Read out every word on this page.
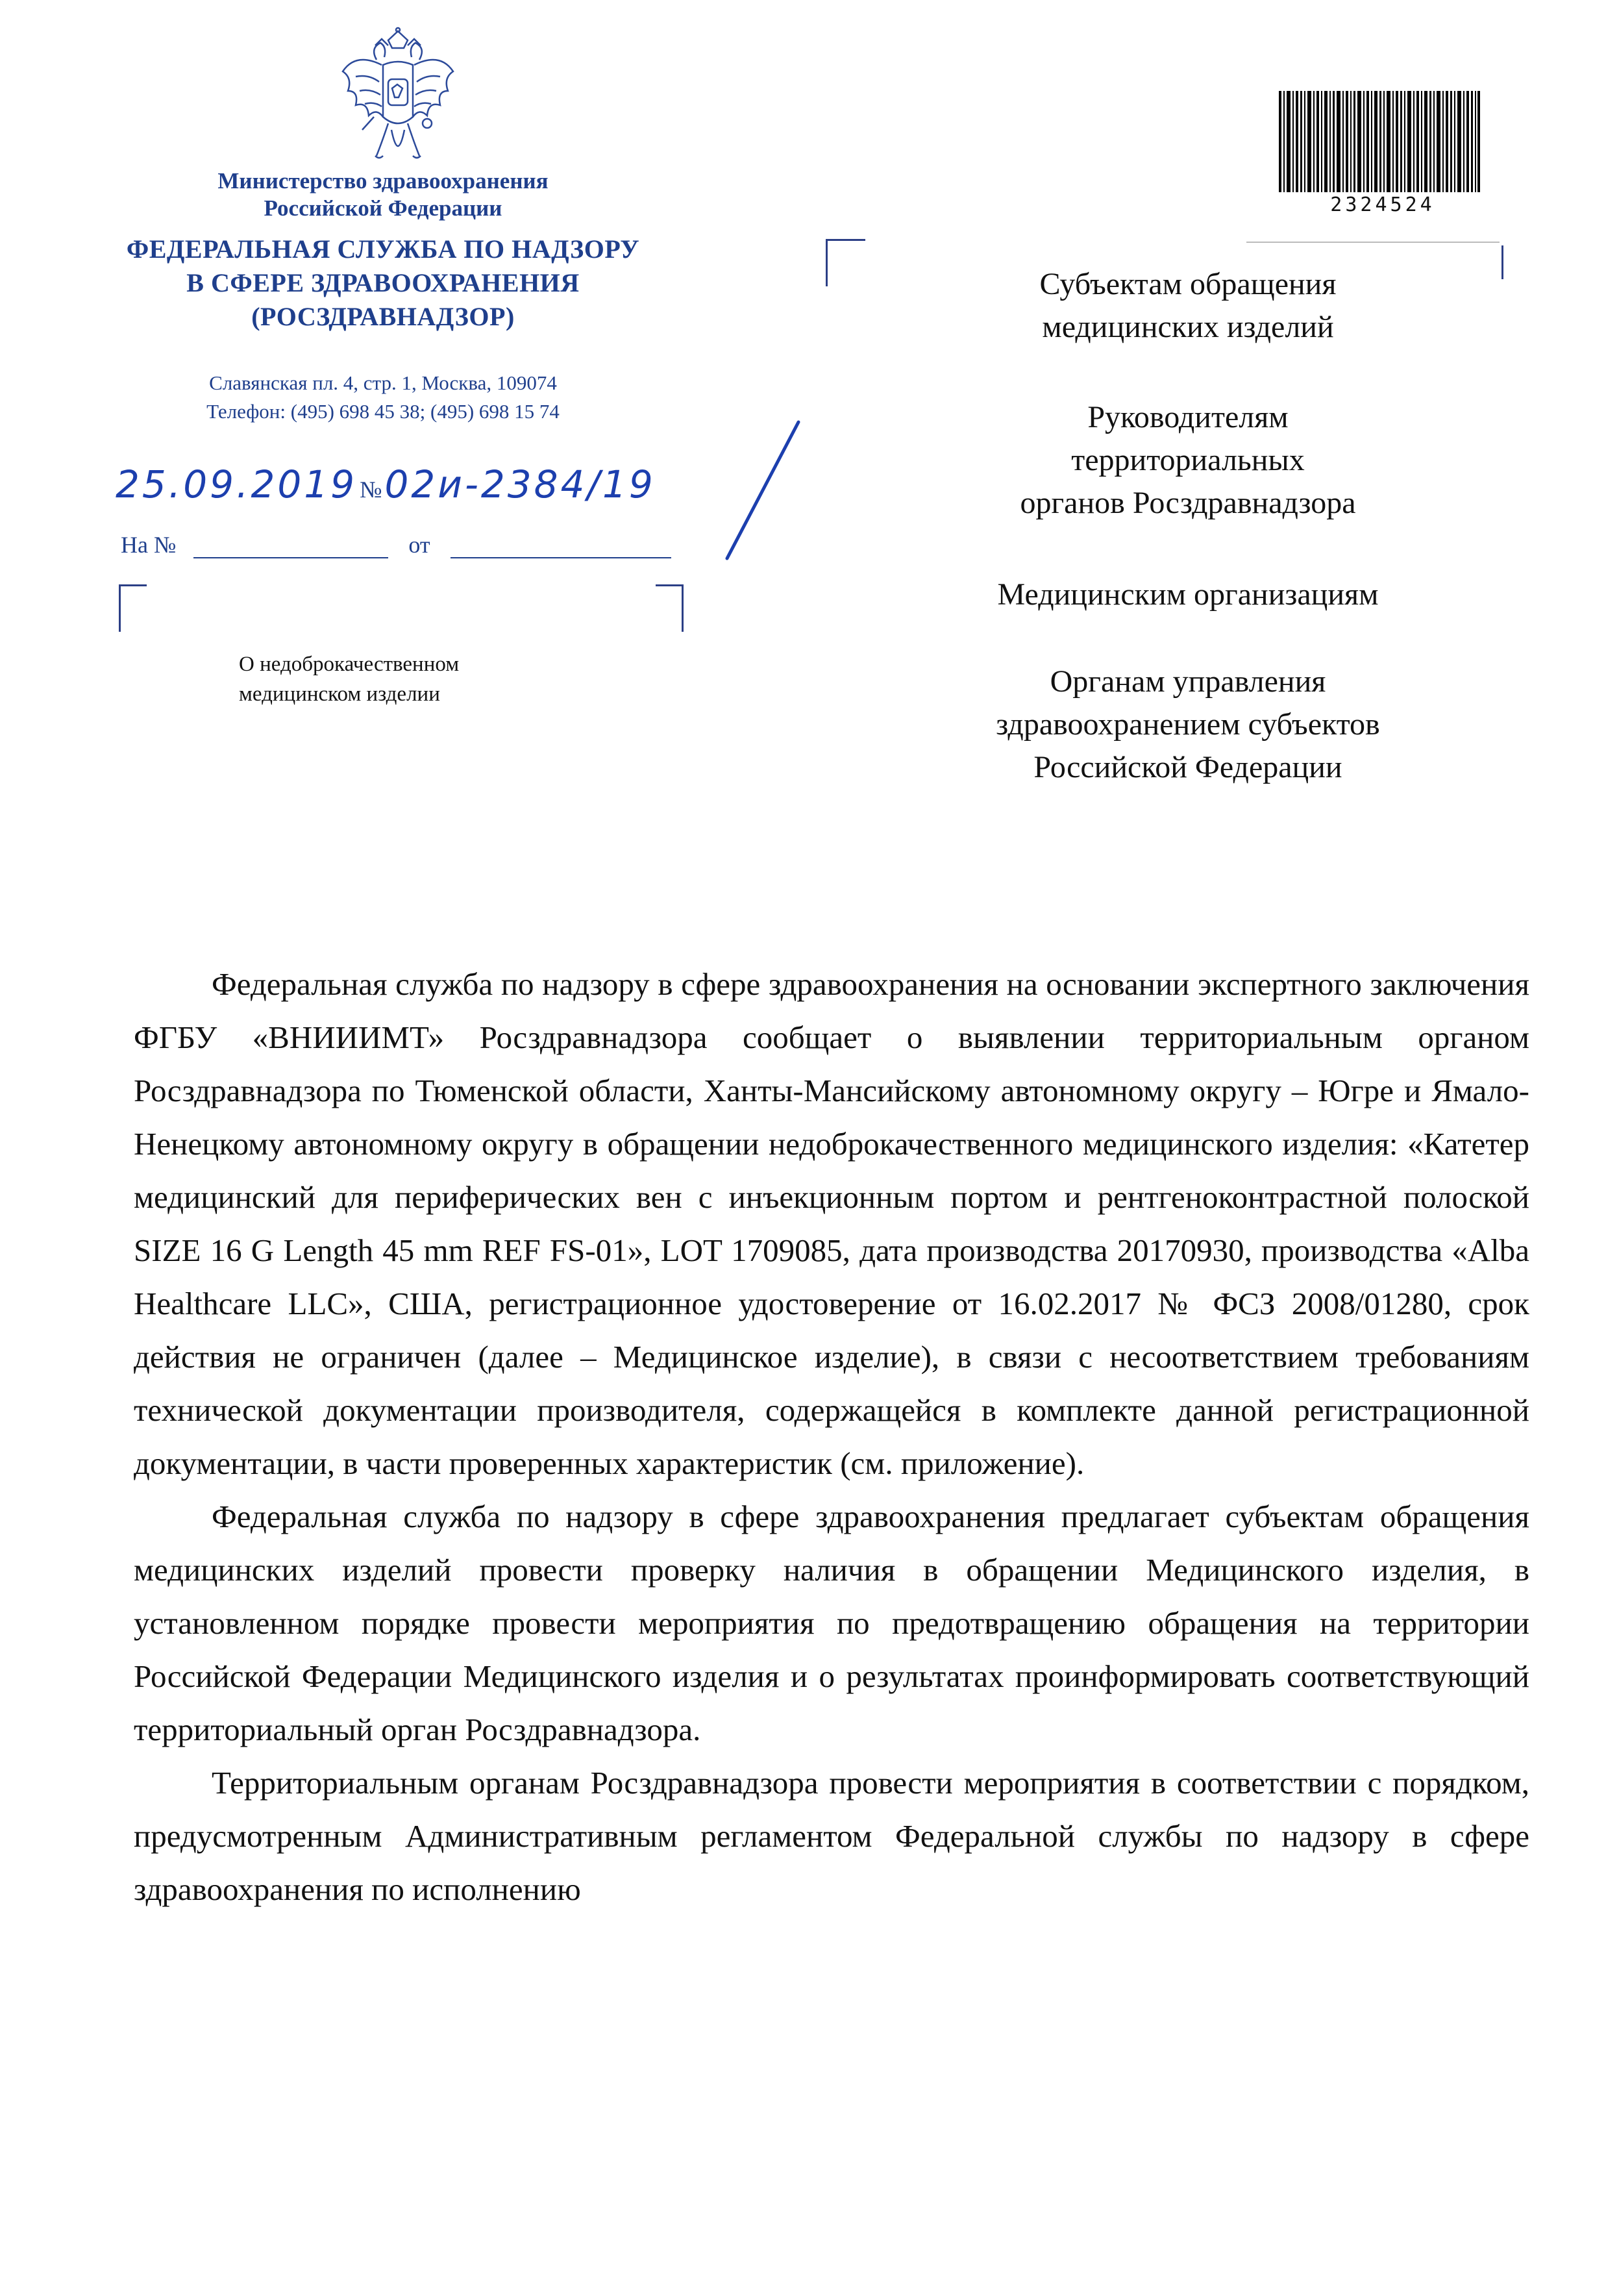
Министерство здравоохранения
Российской Федерации
ФЕДЕРАЛЬНАЯ СЛУЖБА ПО НАДЗОРУ
В СФЕРЕ ЗДРАВООХРАНЕНИЯ
(РОСЗДРАВНАДЗОР)
Славянская пл. 4, стр. 1, Москва, 109074
Телефон: (495) 698 45 38; (495) 698 15 74
25.09.2019 № 02и-2384/19
На №	от
О недоброкачественном
медицинском изделии
2324524
Субъектам обращения
медицинских изделий
Руководителям
территориальных
органов Росздравнадзора
Медицинским организациям
Органам управления
здравоохранением субъектов
Российской Федерации

Федеральная служба по надзору в сфере здравоохранения на основании экспертного заключения ФГБУ «ВНИИИМТ» Росздравнадзора сообщает о выявлении территориальным органом Росздравнадзора по Тюменской области, Ханты-Мансийскому автономному округу – Югре и Ямало-Ненецкому автономному округу в обращении недоброкачественного медицинского изделия: «Катетер медицинский для периферических вен с инъекционным портом и рентгеноконтрастной полоской SIZE 16 G Length 45 mm REF FS-01», LOT 1709085, дата производства 20170930, производства «Alba Healthcare LLC», США, регистрационное удостоверение от 16.02.2017 № ФСЗ 2008/01280, срок действия не ограничен (далее – Медицинское изделие), в связи с несоответствием требованиям технической документации производителя, содержащейся в комплекте данной регистрационной документации, в части проверенных характеристик (см. приложение).

Федеральная служба по надзору в сфере здравоохранения предлагает субъектам обращения медицинских изделий провести проверку наличия в обращении Медицинского изделия, в установленном порядке провести мероприятия по предотвращению обращения на территории Российской Федерации Медицинского изделия и о результатах проинформировать соответствующий территориальный орган Росздравнадзора.

Территориальным органам Росздравнадзора провести мероприятия в соответствии с порядком, предусмотренным Административным регламентом Федеральной службы по надзору в сфере здравоохранения по исполнению
